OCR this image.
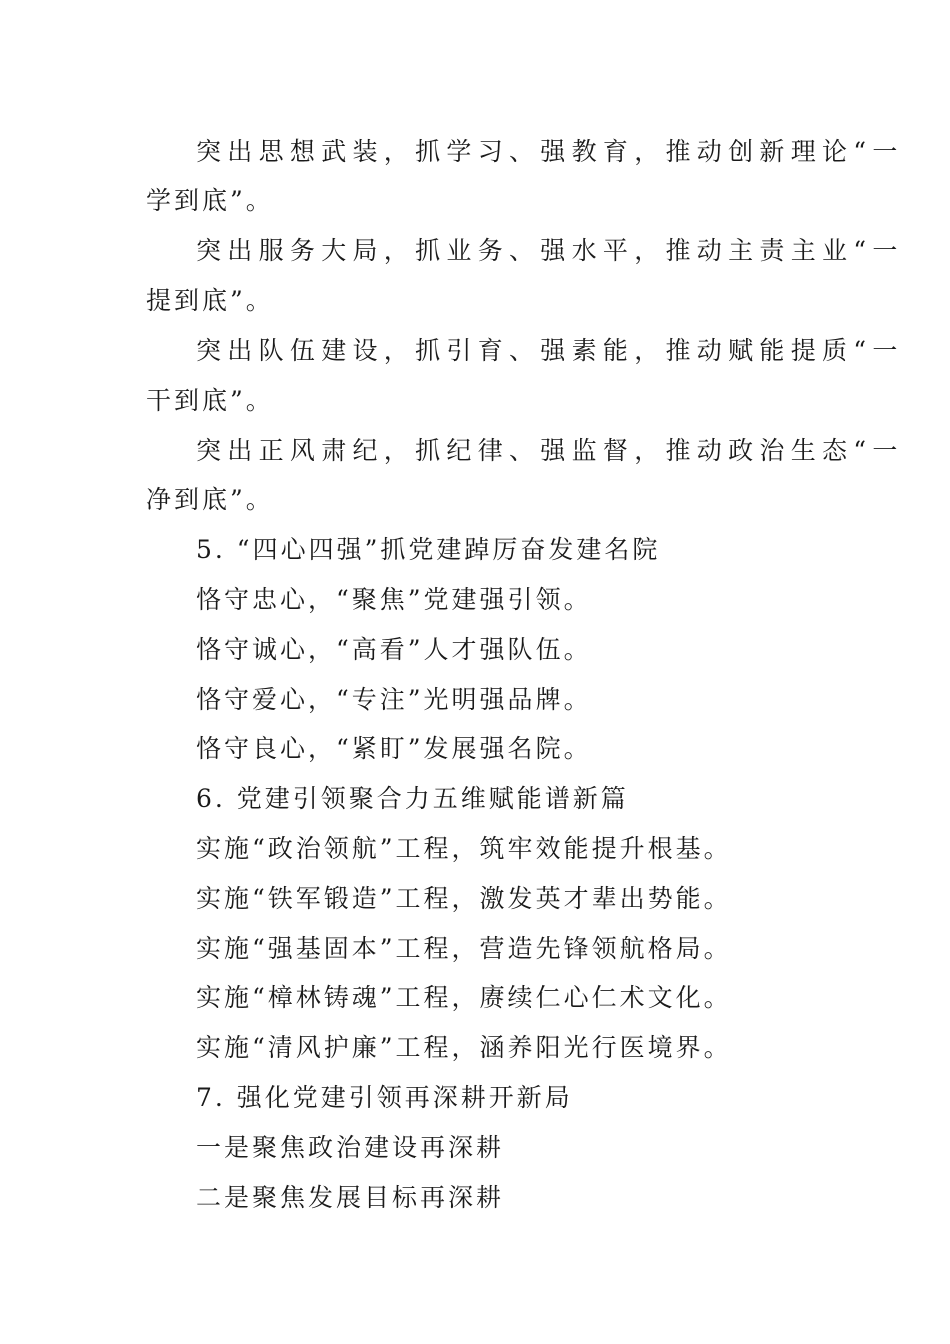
突出思想武装，抓学习、强教育，推动创新理论“一
学到底”。
突出服务大局，抓业务、强水平，推动主责主业“一
提到底”。
突出队伍建设，抓引育、强素能，推动赋能提质“一
干到底”。
突出正风肃纪，抓纪律、强监督，推动政治生态“一
净到底”。
5. “四心四强”抓党建踔厉奋发建名院
恪守忠心，“聚焦”党建强引领。
恪守诚心，“高看”人才强队伍。
恪守爱心，“专注”光明强品牌。
恪守良心，“紧盯”发展强名院。
6. 党建引领聚合力五维赋能谱新篇
实施“政治领航”工程，筑牢效能提升根基。
实施“铁军锻造”工程，激发英才辈出势能。
实施“强基固本”工程，营造先锋领航格局。
实施“樟林铸魂”工程，赓续仁心仁术文化。
实施“清风护廉”工程，涵养阳光行医境界。
7. 强化党建引领再深耕开新局
一是聚焦政治建设再深耕
二是聚焦发展目标再深耕
